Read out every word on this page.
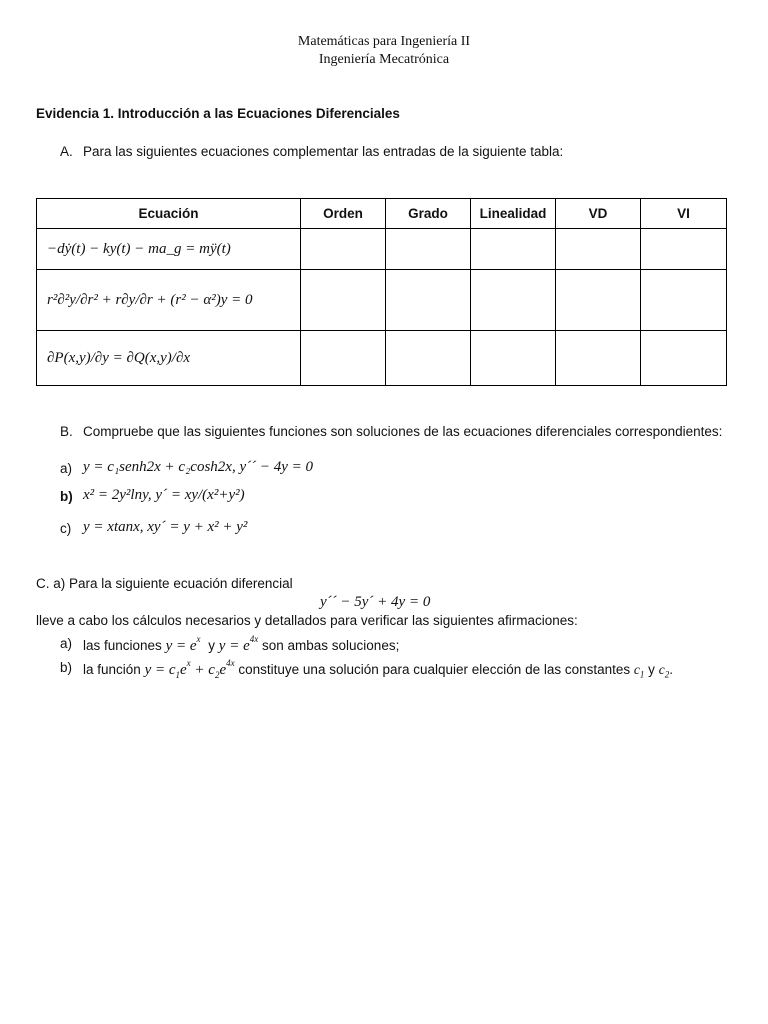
Matemáticas para Ingeniería II
Ingeniería Mecatrónica
Evidencia 1. Introducción a las Ecuaciones Diferenciales
A. Para las siguientes ecuaciones complementar las entradas de la siguiente tabla:
Ecuación	Orden	Grado	Linealidad	VD	VI
−dẏ(t) − ky(t) − ma_g = mÿ(t)					
r²∂²y/∂r² + r∂y/∂r + (r² − α²)y = 0					
∂P(x,y)/∂y = ∂Q(x,y)/∂x					
B. Compruebe que las siguientes funciones son soluciones de las ecuaciones diferenciales correspondientes:
a) y = c₁senh2x + c₂cosh2x, y´´ − 4y = 0
b) x² = 2y²lny, y´ = xy/(x²+y²)
c) y = xtanx, xy´ = y + x² + y²
C. a) Para la siguiente ecuación diferencial
y´´ − 5y´ + 4y = 0
lleve a cabo los cálculos necesarios y detallados para verificar las siguientes afirmaciones:
a) las funciones $y = e^x$ y $y = e^{4x}$ son ambas soluciones;
b) la función $y = c_1e^x + c_2e^{4x}$ constituye una solución para cualquier elección de las constantes $c_1$ y $c_2$.
